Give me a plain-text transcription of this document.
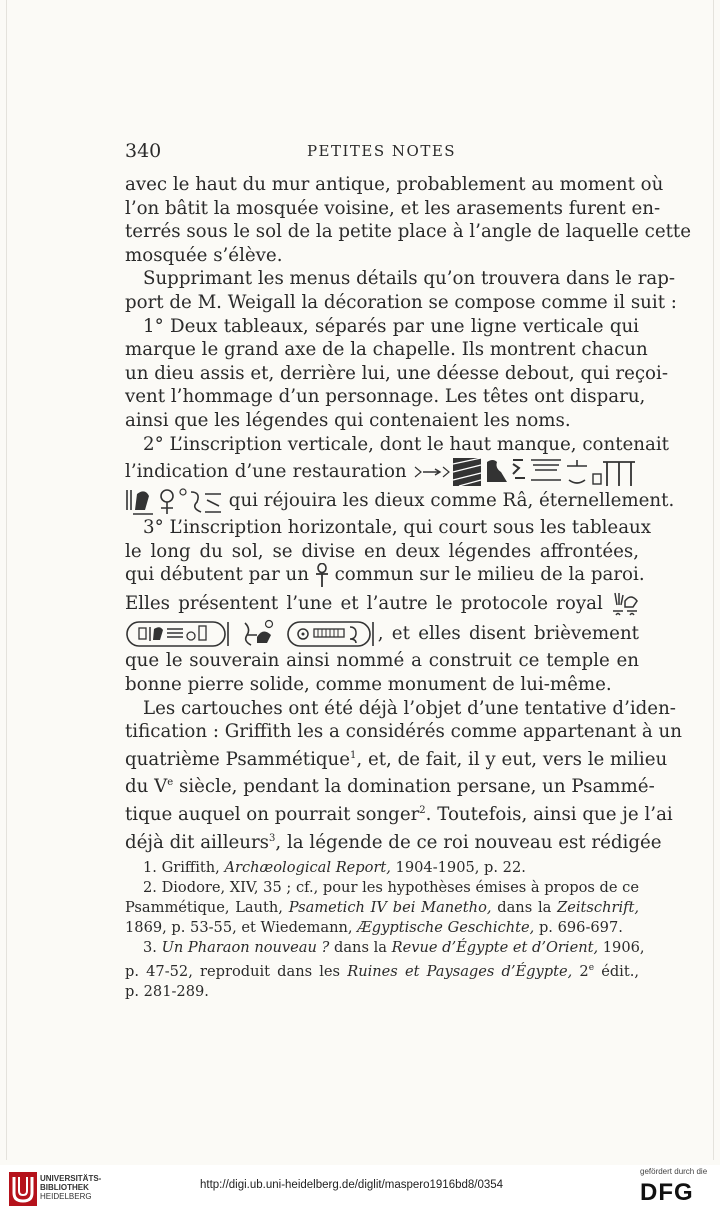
340	PETITES NOTES

avec le haut du mur antique, probablement au moment où
l’on bâtit la mosquée voisine, et les arasements furent en-
terrés sous le sol de la petite place à l’angle de laquelle cette
mosquée s’élève.

Supprimant les menus détails qu’on trouvera dans le rap-
port de M. Weigall la décoration se compose comme il suit :

1° Deux tableaux, séparés par une ligne verticale qui
marque le grand axe de la chapelle. Ils montrent chacun
un dieu assis et, derrière lui, une déesse debout, qui reçoi-
vent l’hommage d’un personnage. Les têtes ont disparu,
ainsi que les légendes qui contenaient les noms.

2° L’inscription verticale, dont le haut manque, contenait
l’indication d’une restauration
qui réjouira les dieux comme Râ, éternellement.

3° L’inscription horizontale, qui court sous les tableaux
le long du sol, se divise en deux légendes affrontées,
qui débutent par un commun sur le milieu de la paroi.
Elles présentent l’une et l’autre le protocole royal
, et elles disent brièvement
que le souverain ainsi nommé a construit ce temple en
bonne pierre solide, comme monument de lui-même.

Les cartouches ont été déjà l’objet d’une tentative d’iden-
tification : Griffith les a considérés comme appartenant à un
quatrième Psammétique$^1$, et, de fait, il y eut, vers le milieu
du Ve siècle, pendant la domination persane, un Psammé-
tique auquel on pourrait songer$^2$. Toutefois, ainsi que je l’ai
déjà dit ailleurs$^3$, la légende de ce roi nouveau est rédigée

1. Griffith, Archæological Report, 1904-1905, p. 22.
2. Diodore, XIV, 35 ; cf., pour les hypothèses émises à propos de ce
Psammétique, Lauth, Psametich IV bei Manetho, dans la Zeitschrift,
1869, p. 53-55, et Wiedemann, Ægyptische Geschichte, p. 696-697.
3. Un Pharaon nouveau ? dans la Revue d’Égypte et d’Orient, 1906,
p. 47-52, reproduit dans les Ruines et Paysages d’Égypte, 2e édit.,
p. 281-289.
UNIVERSITÄTS-
BIBLIOTHEK
HEIDELBERG
http://digi.ub.uni-heidelberg.de/diglit/maspero1916bd8/0354
gefördert durch die
DFG
